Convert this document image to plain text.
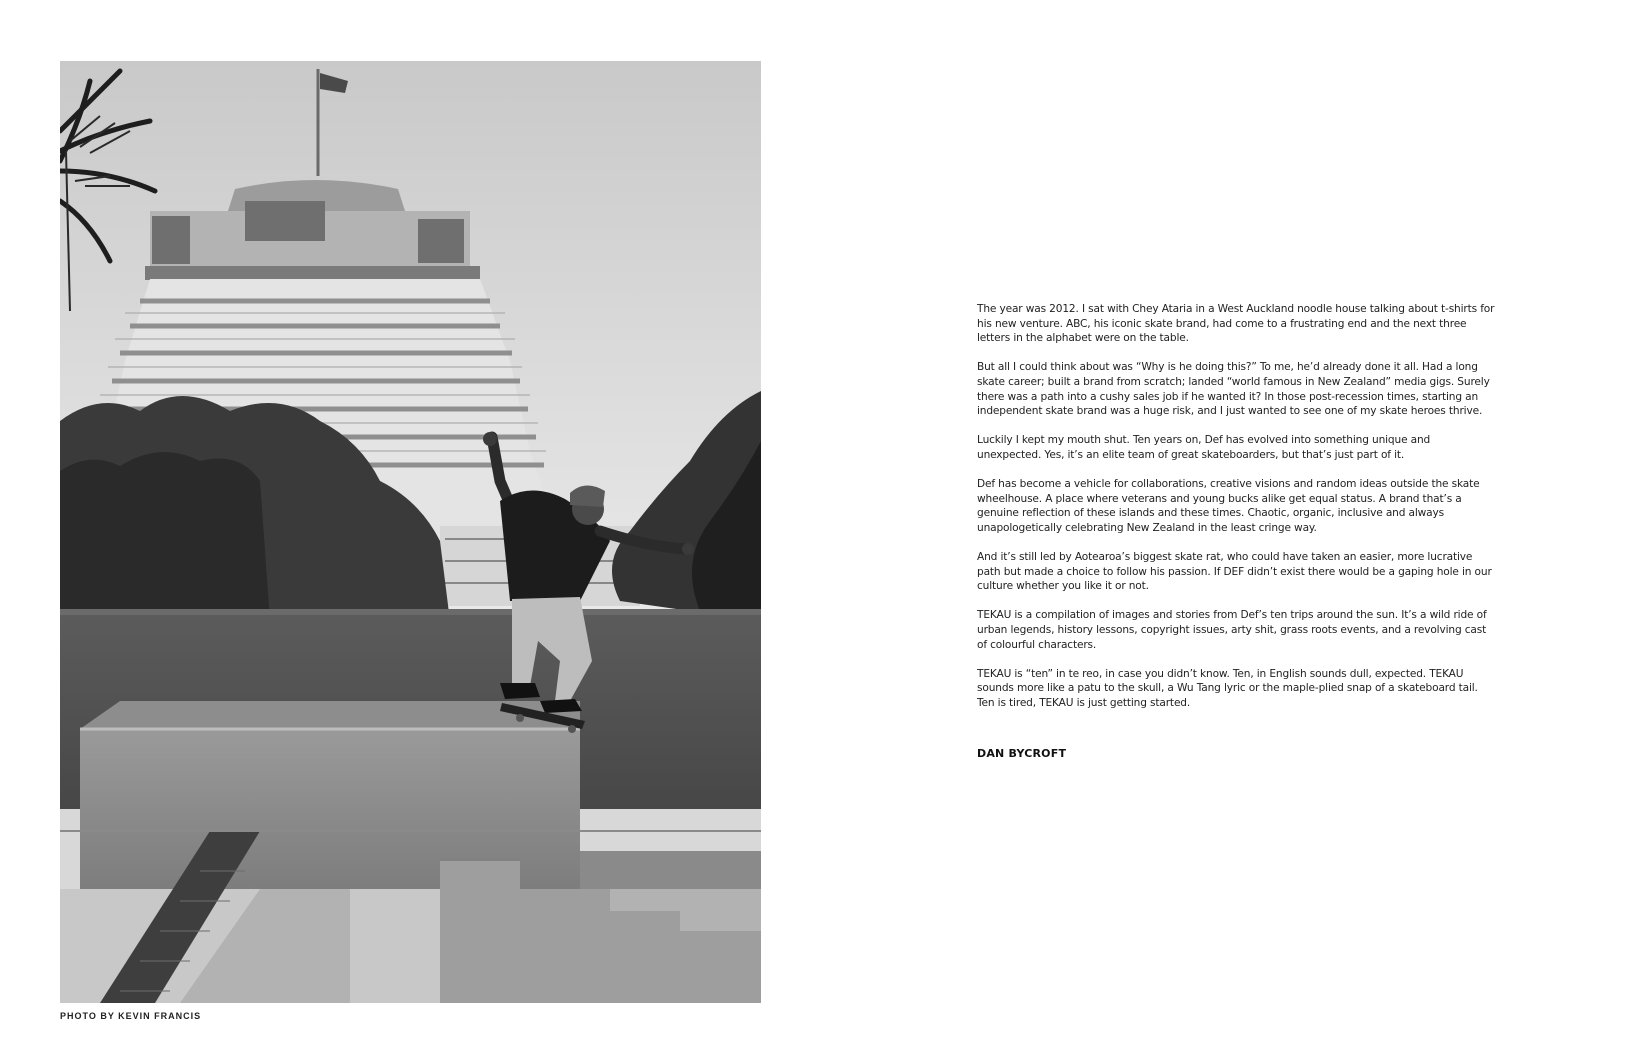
PHOTO BY KEVIN FRANCIS

The year was 2012. I sat with Chey Ataria in a West Auckland noodle house talking about t-shirts for his new venture. ABC, his iconic skate brand, had come to a frustrating end and the next three letters in the alphabet were on the table.

But all I could think about was “Why is he doing this?” To me, he’d already done it all. Had a long skate career; built a brand from scratch; landed “world famous in New Zealand” media gigs. Surely there was a path into a cushy sales job if he wanted it? In those post-recession times, starting an independent skate brand was a huge risk, and I just wanted to see one of my skate heroes thrive.

Luckily I kept my mouth shut. Ten years on, Def has evolved into something unique and unexpected. Yes, it’s an elite team of great skateboarders, but that’s just part of it.

Def has become a vehicle for collaborations, creative visions and random ideas outside the skate wheelhouse. A place where veterans and young bucks alike get equal status. A brand that’s a genuine reflection of these islands and these times. Chaotic, organic, inclusive and always unapologetically celebrating New Zealand in the least cringe way.

And it’s still led by Aotearoa’s biggest skate rat, who could have taken an easier, more lucrative path but made a choice to follow his passion. If DEF didn’t exist there would be a gaping hole in our culture whether you like it or not.

TEKAU is a compilation of images and stories from Def’s ten trips around the sun. It’s a wild ride of urban legends, history lessons, copyright issues, arty shit, grass roots events, and a revolving cast of colourful characters.

TEKAU is “ten” in te reo, in case you didn’t know. Ten, in English sounds dull, expected. TEKAU sounds more like a patu to the skull, a Wu Tang lyric or the maple-plied snap of a skateboard tail. Ten is tired, TEKAU is just getting started.

DAN BYCROFT
